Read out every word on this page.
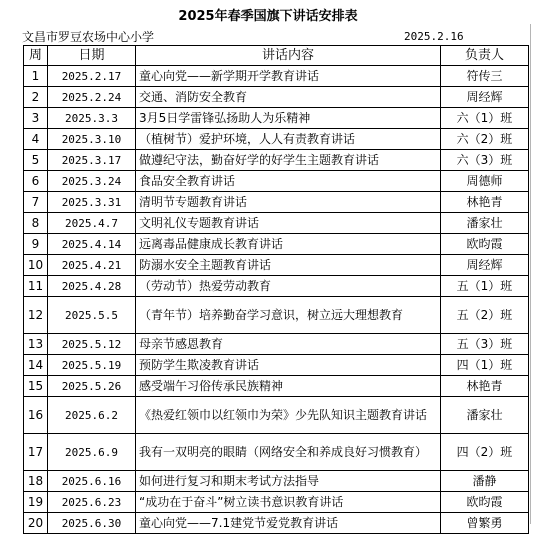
2025年春季国旗下讲话安排表
文昌市罗豆农场中心小学	2025.2.16
周	日期	讲话内容	负责人
1	2025.2.17	童心向党——新学期开学教育讲话	符传三
2	2025.2.24	交通、消防安全教育	周经辉
3	2025.3.3	3月5日学雷锋弘扬助人为乐精神	六（1）班
4	2025.3.10	（植树节）爱护环境，人人有责教育讲话	六（2）班
5	2025.3.17	做遵纪守法，勤奋好学的好学生主题教育讲话	六（3）班
6	2025.3.24	食品安全教育讲话	周德师
7	2025.3.31	清明节专题教育讲话	林艳青
8	2025.4.7	文明礼仪专题教育讲话	潘家壮
9	2025.4.14	远离毒品健康成长教育讲话	欧昀霞
10	2025.4.21	防溺水安全主题教育讲话	周经辉
11	2025.4.28	（劳动节）热爱劳动教育	五（1）班
12	2025.5.5	（青年节）培养勤奋学习意识，树立远大理想教育	五（2）班
13	2025.5.12	母亲节感恩教育	五（3）班
14	2025.5.19	预防学生欺凌教育讲话	四（1）班
15	2025.5.26	感受端午习俗传承民族精神	林艳青
16	2025.6.2	《热爱红领巾以红领巾为荣》少先队知识主题教育讲话	潘家壮
17	2025.6.9	我有一双明亮的眼睛（网络安全和养成良好习惯教育）	四（2）班
18	2025.6.16	如何进行复习和期末考试方法指导	潘静
19	2025.6.23	“成功在于奋斗”树立读书意识教育讲话	欧昀霞
20	2025.6.30	童心向党——7.1建党节爱党教育讲话	曾繁勇
